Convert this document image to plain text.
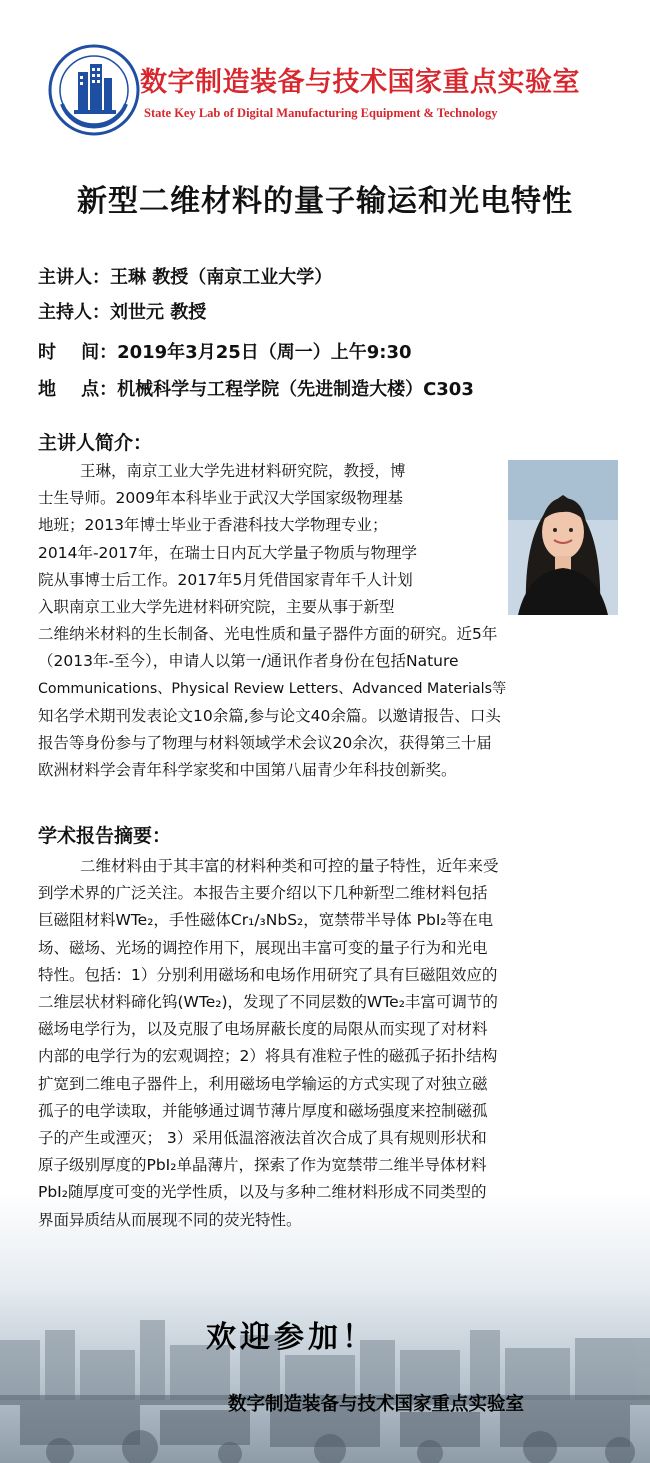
数字制造装备与技术国家重点实验室
State Key Lab of Digital Manufacturing Equipment & Technology
新型二维材料的量子输运和光电特性
主讲人：王琳 教授（南京工业大学）
主持人：刘世元 教授
时    间：2019年3月25日（周一）上午9:30
地    点：机械科学与工程学院（先进制造大楼）C303
主讲人简介：
王琳，南京工业大学先进材料研究院，教授，博
士生导师。2009年本科毕业于武汉大学国家级物理基
地班；2013年博士毕业于香港科技大学物理专业；
2014年-2017年，在瑞士日内瓦大学量子物质与物理学
院从事博士后工作。2017年5月凭借国家青年千人计划
入职南京工业大学先进材料研究院，主要从事于新型
二维纳米材料的生长制备、光电性质和量子器件方面的研究。近5年
（2013年-至今），申请人以第一/通讯作者身份在包括Nature
Communications、Physical Review Letters、Advanced Materials等
知名学术期刊发表论文10余篇,参与论文40余篇。以邀请报告、口头
报告等身份参与了物理与材料领域学术会议20余次，获得第三十届
欧洲材料学会青年科学家奖和中国第八届青少年科技创新奖。
学术报告摘要：
二维材料由于其丰富的材料种类和可控的量子特性，近年来受
到学术界的广泛关注。本报告主要介绍以下几种新型二维材料包括
巨磁阻材料WTe₂，手性磁体Cr₁/₃NbS₂，宽禁带半导体 PbI₂等在电
场、磁场、光场的调控作用下，展现出丰富可变的量子行为和光电
特性。包括：1）分别利用磁场和电场作用研究了具有巨磁阻效应的
二维层状材料碲化钨(WTe₂)，发现了不同层数的WTe₂丰富可调节的
磁场电学行为，以及克服了电场屏蔽长度的局限从而实现了对材料
内部的电学行为的宏观调控；2）将具有准粒子性的磁孤子拓扑结构
扩宽到二维电子器件上，利用磁场电学输运的方式实现了对独立磁
孤子的电学读取，并能够通过调节薄片厚度和磁场强度来控制磁孤
子的产生或湮灭； 3）采用低温溶液法首次合成了具有规则形状和
原子级别厚度的PbI₂单晶薄片，探索了作为宽禁带二维半导体材料
PbI₂随厚度可变的光学性质，以及与多种二维材料形成不同类型的
界面异质结从而展现不同的荧光特性。
欢迎参加！
数字制造装备与技术国家重点实验室
